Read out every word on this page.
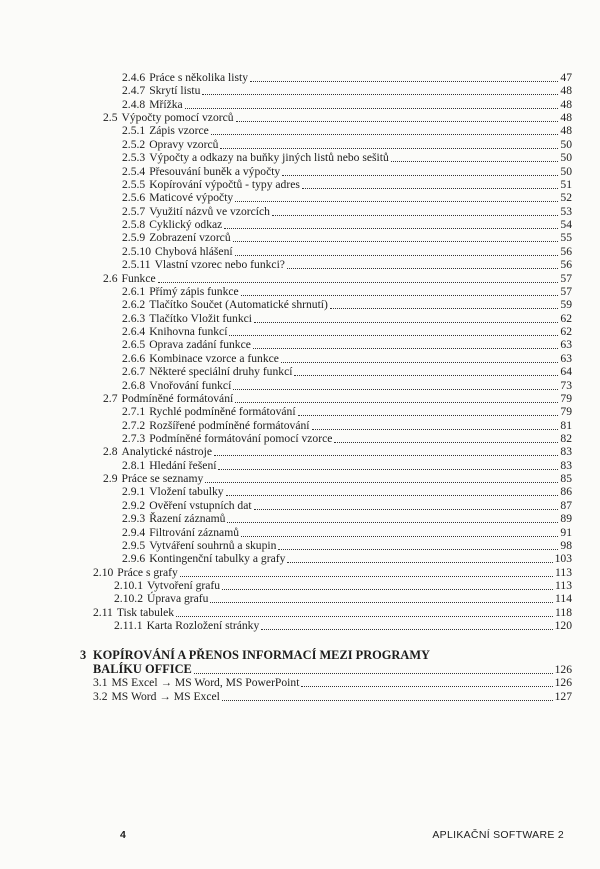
2.4.6 Práce s několika listy	47
2.4.7 Skrytí listu	48
2.4.8 Mřížka	48
2.5 Výpočty pomocí vzorců	48
2.5.1 Zápis vzorce	48
2.5.2 Opravy vzorců	50
2.5.3 Výpočty a odkazy na buňky jiných listů nebo sešitů	50
2.5.4 Přesouvání buněk a výpočty	50
2.5.5 Kopírování výpočtů - typy adres	51
2.5.6 Maticové výpočty	52
2.5.7 Využití názvů ve vzorcích	53
2.5.8 Cyklický odkaz	54
2.5.9 Zobrazení vzorců	55
2.5.10 Chybová hlášení	56
2.5.11 Vlastní vzorec nebo funkci?	56
2.6 Funkce	57
2.6.1 Přímý zápis funkce	57
2.6.2 Tlačítko Součet (Automatické shrnutí)	59
2.6.3 Tlačítko Vložit funkci	62
2.6.4 Knihovna funkcí	62
2.6.5 Oprava zadání funkce	63
2.6.6 Kombinace vzorce a funkce	63
2.6.7 Některé speciální druhy funkcí	64
2.6.8 Vnořování funkcí	73
2.7 Podmíněné formátování	79
2.7.1 Rychlé podmíněné formátování	79
2.7.2 Rozšířené podmíněné formátování	81
2.7.3 Podmíněné formátování pomocí vzorce	82
2.8 Analytické nástroje	83
2.8.1 Hledání řešení	83
2.9 Práce se seznamy	85
2.9.1 Vložení tabulky	86
2.9.2 Ověření vstupních dat	87
2.9.3 Řazení záznamů	89
2.9.4 Filtrování záznamů	91
2.9.5 Vytváření souhrnů a skupin	98
2.9.6 Kontingenční tabulky a grafy	103
2.10 Práce s grafy	113
2.10.1 Vytvoření grafu	113
2.10.2 Úprava grafu	114
2.11 Tisk tabulek	118
2.11.1 Karta Rozložení stránky	120
3 KOPÍROVÁNÍ A PŘENOS INFORMACÍ MEZI PROGRAMY
BALÍKU OFFICE	126
3.1 MS Excel → MS Word, MS PowerPoint	126
3.2 MS Word → MS Excel	127
4	APLIKAČNÍ SOFTWARE 2
